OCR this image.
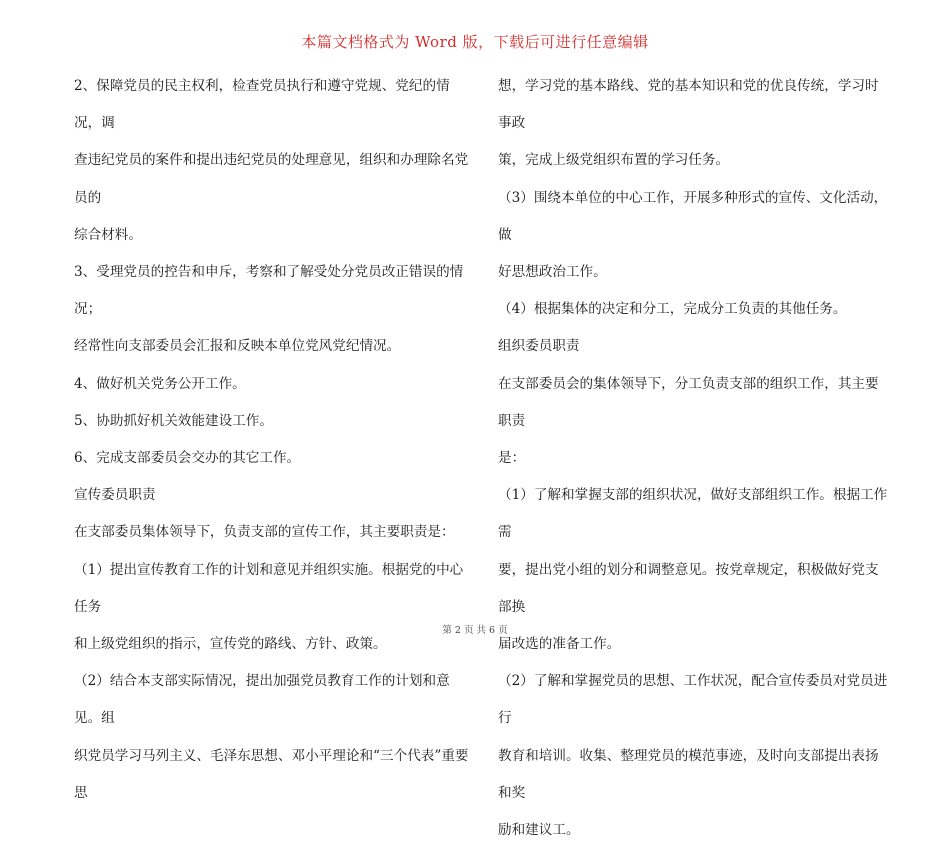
本篇文档格式为 Word 版，下载后可进行任意编辑

2、保障党员的民主权利，检查党员执行和遵守党规、党纪的情况，调

查违纪党员的案件和提出违纪党员的处理意见，组织和办理除名党员的

综合材料。

3、受理党员的控告和申斥，考察和了解受处分党员改正错误的情况；

经常性向支部委员会汇报和反映本单位党风党纪情况。

4、做好机关党务公开工作。

5、协助抓好机关效能建设工作。

6、完成支部委员会交办的其它工作。

宣传委员职责

在支部委员集体领导下，负责支部的宣传工作，其主要职责是：

（1）提出宣传教育工作的计划和意见并组织实施。根据党的中心任务

和上级党组织的指示，宣传党的路线、方针、政策。

（2）结合本支部实际情况，提出加强党员教育工作的计划和意见。组

织党员学习马列主义、毛泽东思想、邓小平理论和“三个代表”重要思

想，学习党的基本路线、党的基本知识和党的优良传统，学习时事政

策，完成上级党组织布置的学习任务。

（3）围绕本单位的中心工作，开展多种形式的宣传、文化活动，做

好思想政治工作。

（4）根据集体的决定和分工，完成分工负责的其他任务。

组织委员职责

在支部委员会的集体领导下，分工负责支部的组织工作，其主要职责

是：

（1）了解和掌握支部的组织状况，做好支部组织工作。根据工作需

要，提出党小组的划分和调整意见。按党章规定，积极做好党支部换

届改选的准备工作。

（2）了解和掌握党员的思想、工作状况，配合宣传委员对党员进行

教育和培训。收集、整理党员的模范事迹，及时向支部提出表扬和奖

励和建议工。

第 2 页 共 6 页
